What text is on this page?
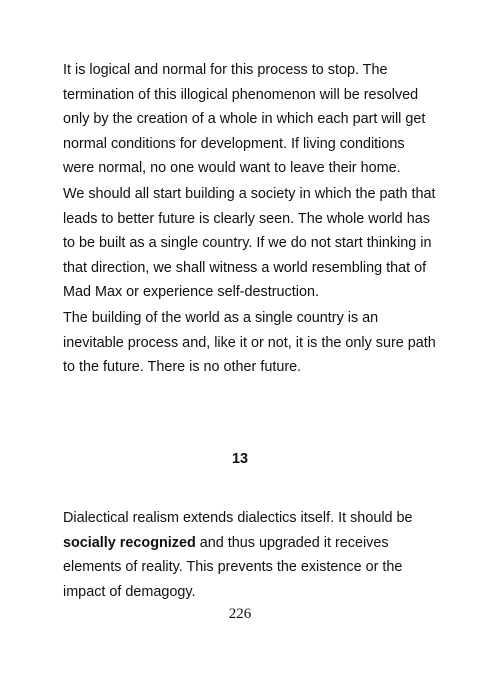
It is logical and normal for this process to stop. The
termination of this illogical phenomenon will be resolved
only by the creation of a whole in which each part will get
normal conditions for development. If living conditions
were normal, no one would want to leave their home.

We should all start building a society in which the path that
leads to better future is clearly seen. The whole world has
to be built as a single country. If we do not start thinking in
that direction, we shall witness a world resembling that of
Mad Max or experience self-destruction.

The building of the world as a single country is an
inevitable process and, like it or not, it is the only sure path
to the future. There is no other future.

13

Dialectical realism extends dialectics itself. It should be
socially recognized and thus upgraded it receives
elements of reality. This prevents the existence or the
impact of demagogy.

226
